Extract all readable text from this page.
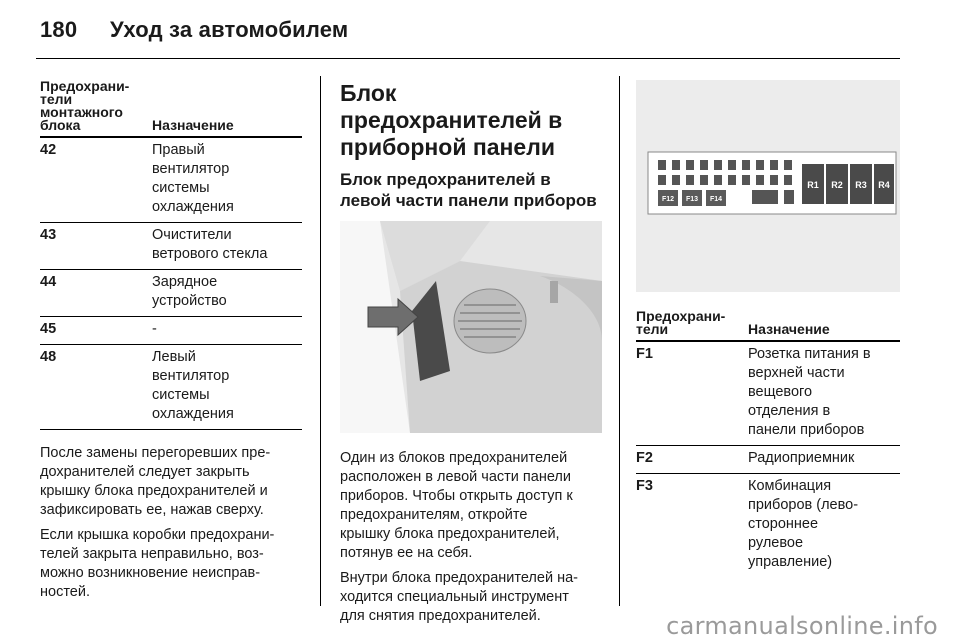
180 Уход за автомобилем
Предохрани-
тели
монтажного
блока	Назначение
42	Правый
вентилятор
системы
охлаждения
43	Очистители
ветрового стекла
44	Зарядное
устройство
45	-
48	Левый
вентилятор
системы
охлаждения

После замены перегоревших пре-
дохранителей следует закрыть
крышку блока предохранителей и
зафиксировать ее, нажав сверху.

Если крышка коробки предохрани-
телей закрыта неправильно, воз-
можно возникновение неисправ-
ностей.

Блок предохранителей в
приборной панели
Блок предохранителей в
левой части панели приборов

Один из блоков предохранителей
расположен в левой части панели
приборов. Чтобы открыть доступ к
предохранителям, откройте
крышку блока предохранителей,
потянув ее на себя.

Внутри блока предохранителей на-
ходится специальный инструмент
для снятия предохранителей.

F12 F13 F14
R1 R2 R3 R4
Предохрани-
тели	Назначение
F1	Розетка питания в
верхней части
вещевого
отделения в
панели приборов
F2	Радиоприемник
F3	Комбинация
приборов (лево-
стороннее
рулевое
управление)
carmanualsonline.info
